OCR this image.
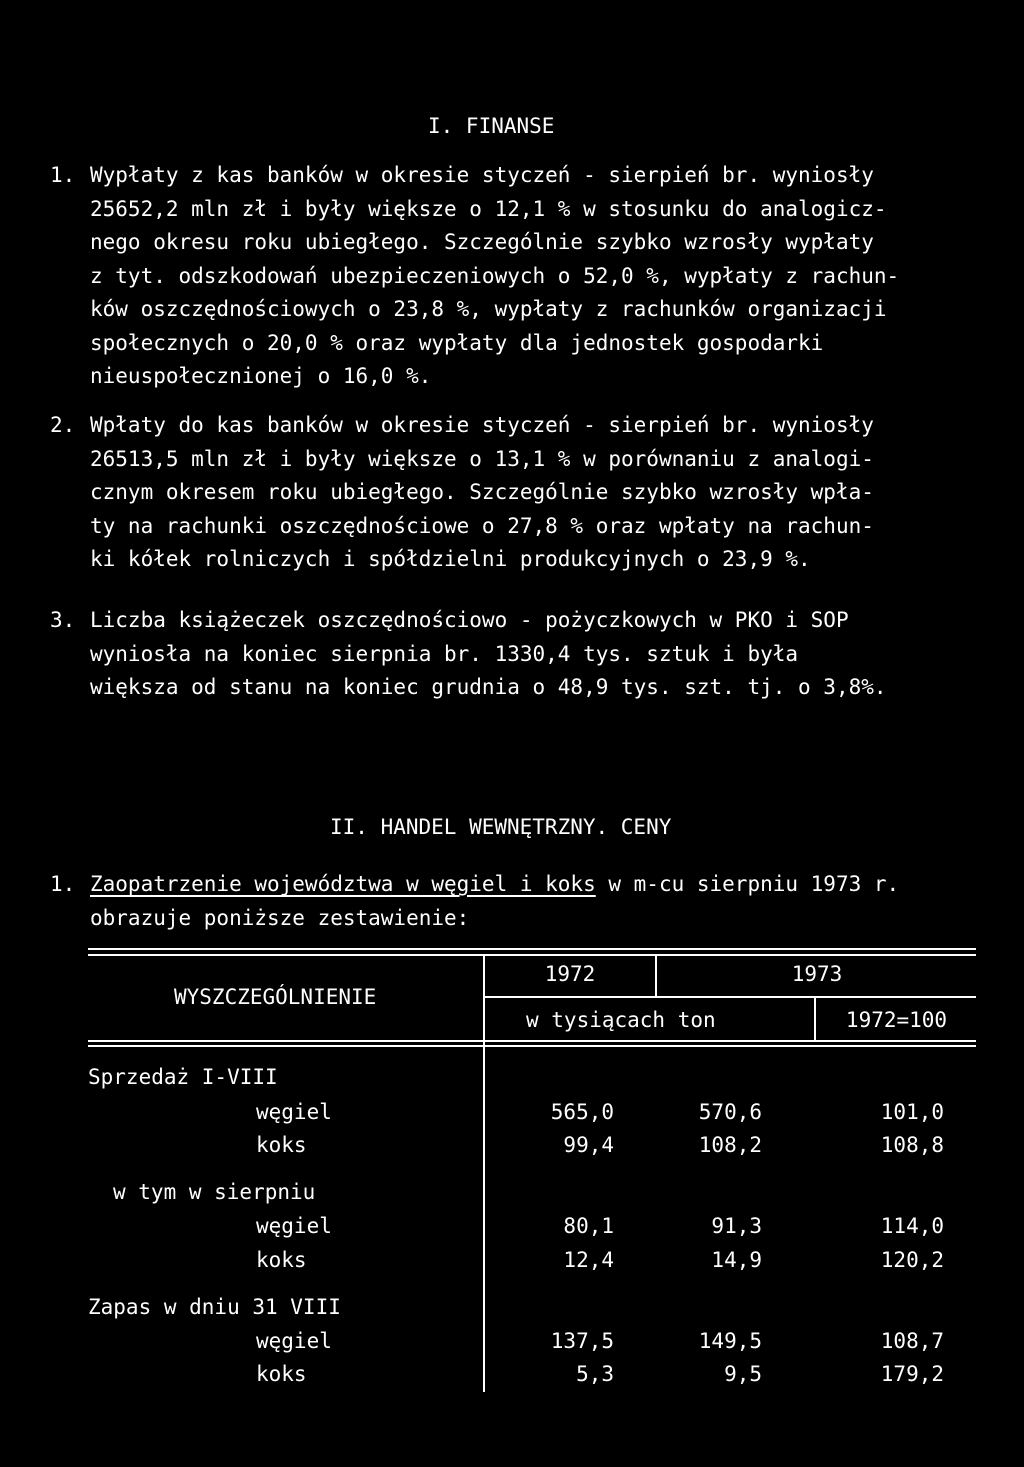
I. FINANSE
1. Wypłaty z kas banków w okresie styczeń - sierpień br. wyniosły
25652,2 mln zł i były większe o 12,1 % w stosunku do analogicz-
nego okresu roku ubiegłego. Szczególnie szybko wzrosły wypłaty
z tyt. odszkodowań ubezpieczeniowych o 52,0 %, wypłaty z rachun-
ków oszczędnościowych o 23,8 %, wypłaty z rachunków organizacji
społecznych o 20,0 % oraz wypłaty dla jednostek gospodarki
nieuspołecznionej o 16,0 %.
2. Wpłaty do kas banków w okresie styczeń - sierpień br. wyniosły
26513,5 mln zł i były większe o 13,1 % w porównaniu z analogi-
cznym okresem roku ubiegłego. Szczególnie szybko wzrosły wpła-
ty na rachunki oszczędnościowe o 27,8 % oraz wpłaty na rachun-
ki kółek rolniczych i spółdzielni produkcyjnych o 23,9 %.
3. Liczba książeczek oszczędnościowo - pożyczkowych w PKO i SOP
wyniosła na koniec sierpnia br. 1330,4 tys. sztuk i była
większa od stanu na koniec grudnia o 48,9 tys. szt. tj. o 3,8%.
II. HANDEL WEWNĘTRZNY. CENY
1. Zaopatrzenie województwa w węgiel i koks w m-cu sierpniu 1973 r.
obrazuje poniższe zestawienie:
WYSZCZEGÓLNIENIE
1972	1973
w tysiącach ton	1972=100
Sprzedaż I-VIII
węgiel	565,0	570,6	101,0
koks	99,4	108,2	108,8
w tym w sierpniu
węgiel	80,1	91,3	114,0
koks	12,4	14,9	120,2
Zapas w dniu 31 VIII
węgiel	137,5	149,5	108,7
koks	5,3	9,5	179,2
